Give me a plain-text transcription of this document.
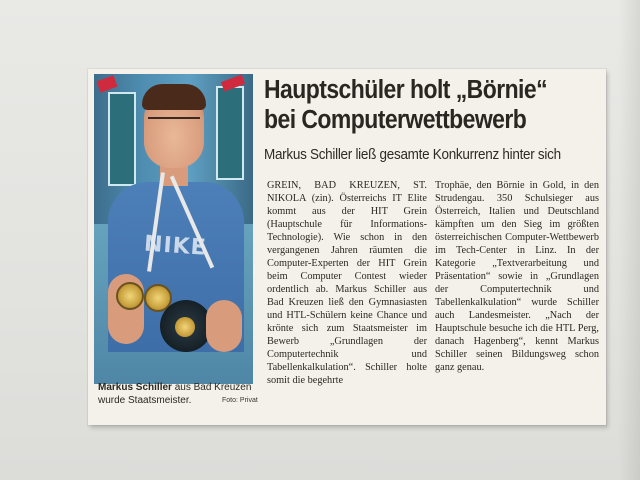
NIKE
Hauptschüler holt „Börnie“
bei Computerwettbewerb
Markus Schiller ließ gesamte Konkurrenz hinter sich

GREIN, BAD KREUZEN, ST. NIKOLA (zin). Österreichs IT Elite kommt aus der HIT Grein (Hauptschule für Informations-Technologie). Wie schon in den vergangenen Jahren räumten die Computer-Experten der HIT Grein beim Computer Contest wieder ordentlich ab. Markus Schiller aus Bad Kreuzen ließ den Gymnasiasten und HTL-Schülern keine Chance und krönte sich zum Staatsmeister im Bewerb „Grundlagen der Computertechnik und Tabellenkalkulation“. Schiller holte somit die begehrte

Trophäe, den Börnie in Gold, in den Strudengau. 350 Schulsieger aus Österreich, Italien und Deutschland kämpften um den Sieg im größten österreichischen Computer-Wettbewerb im Tech-Center in Linz. In der Kategorie „Textverarbeitung und Präsentation“ sowie in „Grundlagen der Computertechnik und Tabellenkalkulation“ wurde Schiller auch Landesmeister. „Nach der Hauptschule besuche ich die HTL Perg, danach Hagenberg“, kennt Markus Schiller seinen Bildungsweg schon ganz genau.

Markus Schiller aus Bad Kreuzen wurde Staatsmeister.	Foto: Privat
